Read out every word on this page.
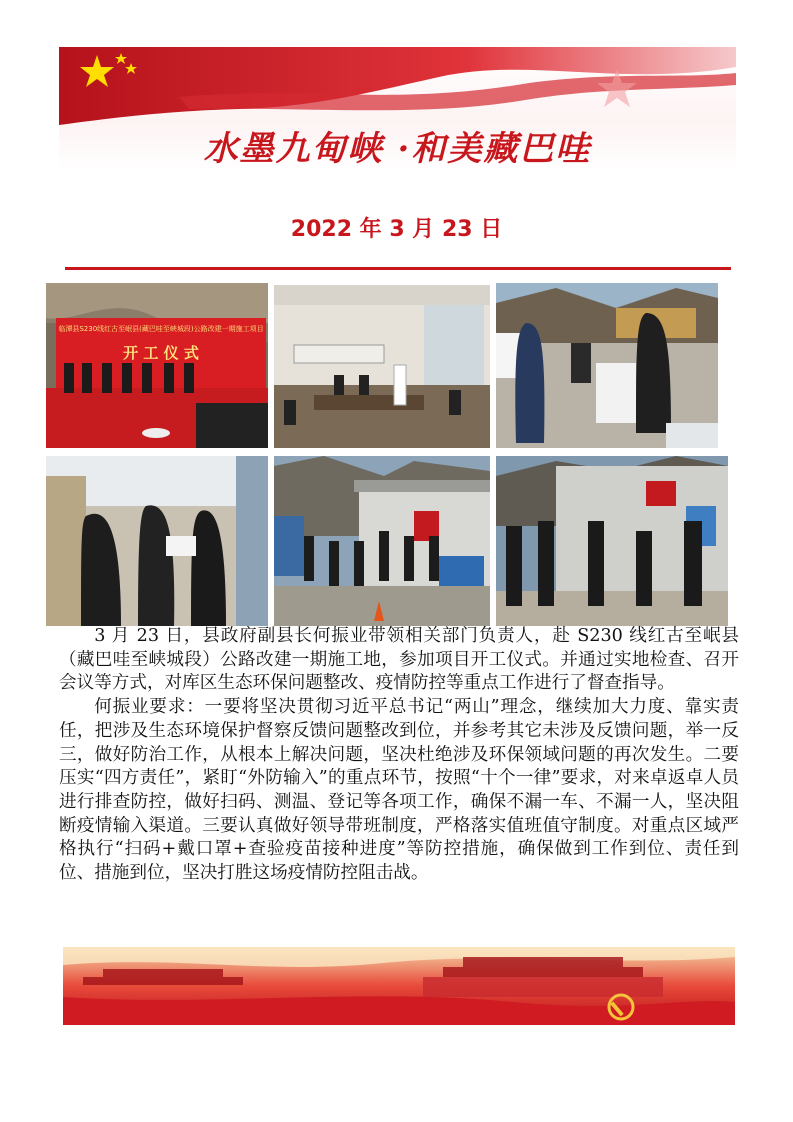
水墨九甸峡 ·和美藏巴哇
2022 年 3 月 23 日
临潭县S230线红古至岷县(藏巴哇至峡城段)公路改建一期施工项目
开 工 仪 式

3 月 23 日，县政府副县长何振业带领相关部门负责人，赴 S230 线红古至岷县（藏巴哇至峡城段）公路改建一期施工地，参加项目开工仪式。并通过实地检查、召开会议等方式，对库区生态环保问题整改、疫情防控等重点工作进行了督查指导。

何振业要求：一要将坚决贯彻习近平总书记“两山”理念，继续加大力度、靠实责任，把涉及生态环境保护督察反馈问题整改到位，并参考其它未涉及反馈问题，举一反三，做好防治工作，从根本上解决问题，坚决杜绝涉及环保领域问题的再次发生。二要压实“四方责任”，紧盯“外防输入”的重点环节，按照“十个一律”要求，对来卓返卓人员进行排查防控，做好扫码、测温、登记等各项工作，确保不漏一车、不漏一人，坚决阻断疫情输入渠道。三要认真做好领导带班制度，严格落实值班值守制度。对重点区域严格执行“扫码+戴口罩+查验疫苗接种进度”等防控措施，确保做到工作到位、责任到位、措施到位，坚决打胜这场疫情防控阻击战。
